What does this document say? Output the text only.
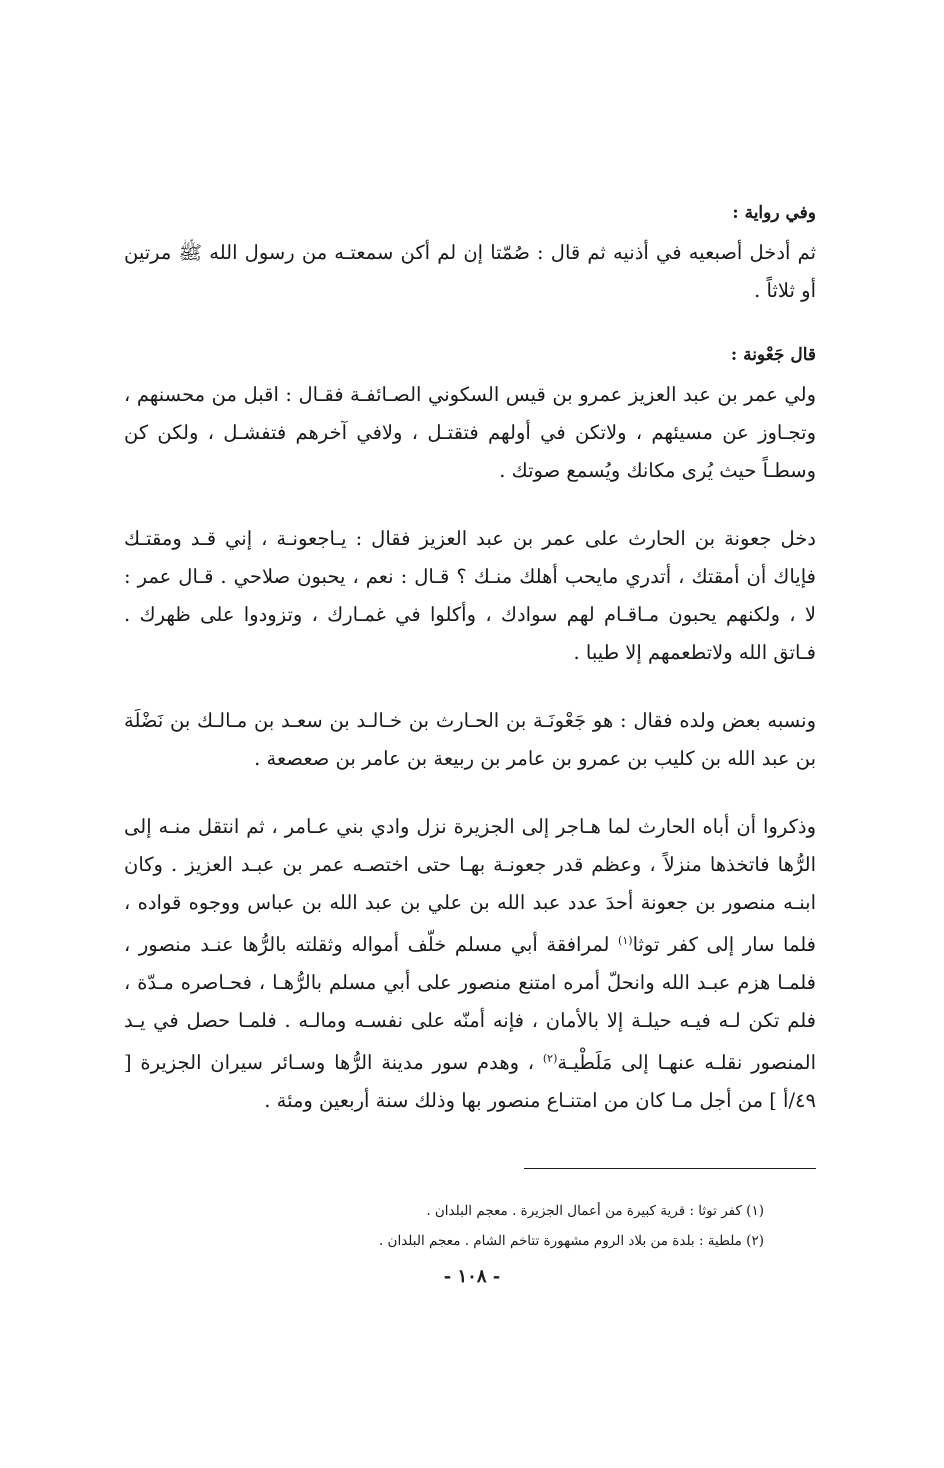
وفي رواية :

ثم أدخل أصبعيه في أذنيه ثم قال : صُمّتا إن لم أكن سمعتـه من رسول الله ﷺ مرتين أو ثلاثاً .

قال جَعْونة :

ولي عمر بن عبد العزيز عمرو بن قيس السكوني الصـائفـة فقـال : اقبل من محسنهم ، وتجـاوز عن مسيئهم ، ولاتكن في أولهم فتقتـل ، ولافي آخرهم فتفشـل ، ولكن كن وسطـاً حيث يُرى مكانك ويُسمع صوتك .

دخل جعونة بن الحارث على عمر بن عبد العزيز فقال : يـاجعونـة ، إني قـد ومقتـك فإياك أن أمقتك ، أتدري مايحب أهلك منـك ؟ قـال : نعم ، يحبون صلاحي . قـال عمر : لا ، ولكنهم يحبون مـاقـام لهم سوادك ، وأكلوا في غمـارك ، وتزودوا على ظهرك . فـاتق الله ولاتطعمهم إلا طيبا .

ونسبه بعض ولده فقال : هو جَعْونَـة بن الحـارث بن خـالـد بن سعـد بن مـالـك بن نَضْلَة بن عبد الله بن كليب بن عمرو بن عامر بن ربيعة بن عامر بن صعصعة .

وذكروا أن أباه الحارث لما هـاجر إلى الجزيرة نزل وادي بني عـامر ، ثم انتقل منـه إلى الرُّها فاتخذها منزلاً ، وعظم قدر جعونـة بهـا حتى اختصـه عمر بن عبـد العزيز . وكان ابنـه منصور بن جعونة أحدَ عدد عبد الله بن علي بن عبد الله بن عباس ووجوه قواده ، فلما سار إلى كفر توثا$^{(١)}$ لمرافقة أبي مسلم خلّف أمواله وثقلته بالرُّها عنـد منصور ، فلمـا هزم عبـد الله وانحلّ أمره امتنع منصور على أبي مسلم بالرُّهـا ، فحـاصره مـدّة ، فلم تكن لـه فيـه حيلـة إلا بالأمان ، فإنه أمنّه على نفسـه ومالـه . فلمـا حصل في يـد المنصور نقلـه عنهـا إلى مَلَطْيـة$^{(٢)}$ ، وهدم سور مدينة الرُّها وسـائر سيران الجزيرة [ ٤٩/أ ] من أجل مـا كان من امتنـاع منصور بها وذلك سنة أربعين ومئة .

(١) كفر توثا : قرية كبيرة من أعمال الجزيرة . معجم البلدان .

(٢) ملطية : بلدة من بلاد الروم مشهورة تتاخم الشام . معجم البلدان .

- ١٠٨ -
